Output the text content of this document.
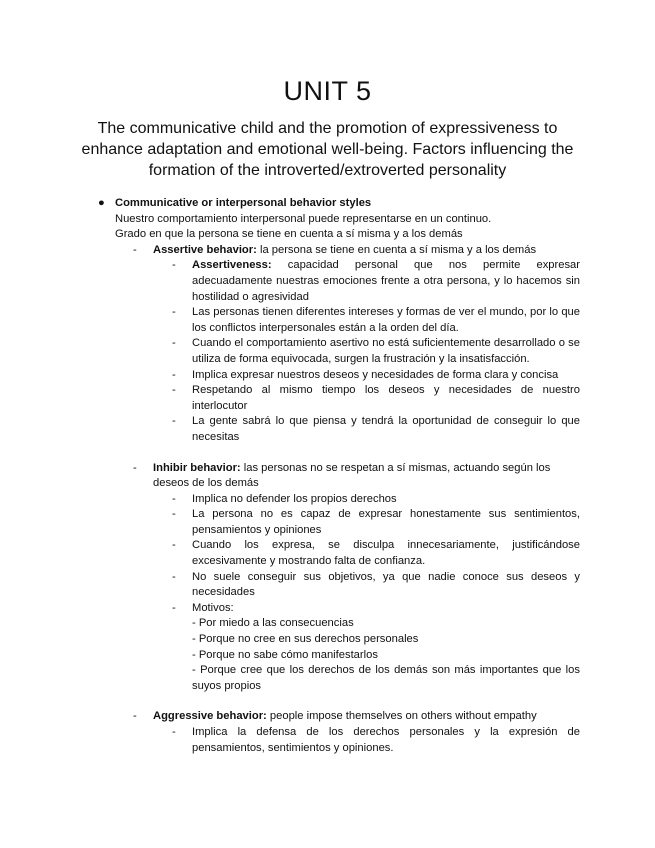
UNIT 5
The communicative child and the promotion of expressiveness to enhance adaptation and emotional well-being. Factors influencing the formation of the introverted/extroverted personality
● Communicative or interpersonal behavior styles
Nuestro comportamiento interpersonal puede representarse en un continuo.
Grado en que la persona se tiene en cuenta a sí misma y a los demás
- Assertive behavior: la persona se tiene en cuenta a sí misma y a los demás
- Assertiveness: capacidad personal que nos permite expresar adecuadamente nuestras emociones frente a otra persona, y lo hacemos sin hostilidad o agresividad
- Las personas tienen diferentes intereses y formas de ver el mundo, por lo que los conflictos interpersonales están a la orden del día.
- Cuando el comportamiento asertivo no está suficientemente desarrollado o se utiliza de forma equivocada, surgen la frustración y la insatisfacción.
- Implica expresar nuestros deseos y necesidades de forma clara y concisa
- Respetando al mismo tiempo los deseos y necesidades de nuestro interlocutor
- La gente sabrá lo que piensa y tendrá la oportunidad de conseguir lo que necesitas
- Inhibir behavior: las personas no se respetan a sí mismas, actuando según los deseos de los demás
- Implica no defender los propios derechos
- La persona no es capaz de expresar honestamente sus sentimientos, pensamientos y opiniones
- Cuando los expresa, se disculpa innecesariamente, justificándose excesivamente y mostrando falta de confianza.
- No suele conseguir sus objetivos, ya que nadie conoce sus deseos y necesidades
- Motivos:
- Por miedo a las consecuencias
- Porque no cree en sus derechos personales
- Porque no sabe cómo manifestarlos
- Porque cree que los derechos de los demás son más importantes que los suyos propios
- Aggressive behavior: people impose themselves on others without empathy
- Implica la defensa de los derechos personales y la expresión de pensamientos, sentimientos y opiniones.
